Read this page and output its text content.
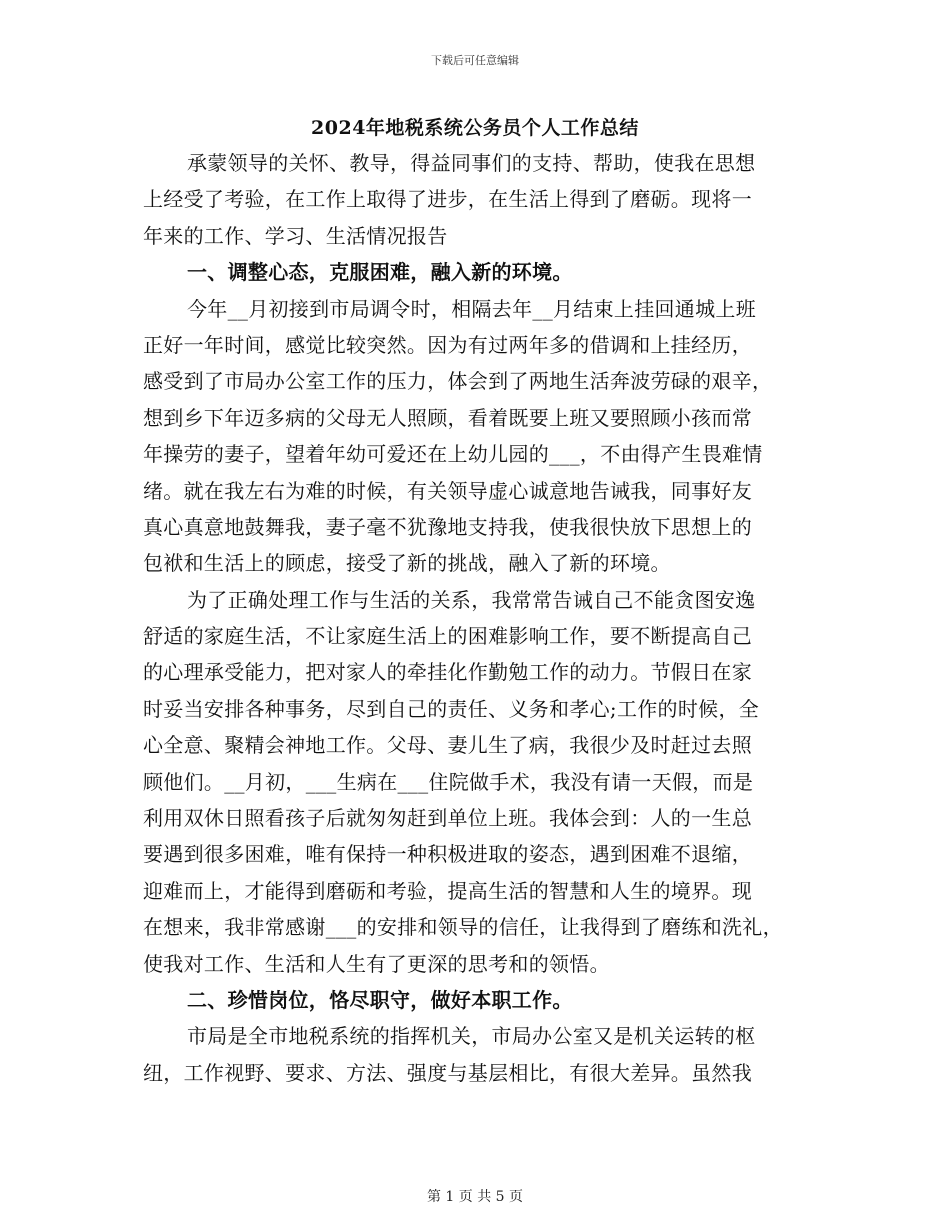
下载后可任意编辑
2024年地税系统公务员个人工作总结
承蒙领导的关怀、教导，得益同事们的支持、帮助，使我在思想
上经受了考验，在工作上取得了进步，在生活上得到了磨砺。现将一
年来的工作、学习、生活情况报告
一、调整心态，克服困难，融入新的环境。
今年__月初接到市局调令时，相隔去年__月结束上挂回通城上班
正好一年时间，感觉比较突然。因为有过两年多的借调和上挂经历，
感受到了市局办公室工作的压力，体会到了两地生活奔波劳碌的艰辛，
想到乡下年迈多病的父母无人照顾，看着既要上班又要照顾小孩而常
年操劳的妻子，望着年幼可爱还在上幼儿园的___，不由得产生畏难情
绪。就在我左右为难的时候，有关领导虚心诚意地告诫我，同事好友
真心真意地鼓舞我，妻子毫不犹豫地支持我，使我很快放下思想上的
包袱和生活上的顾虑，接受了新的挑战，融入了新的环境。
为了正确处理工作与生活的关系，我常常告诫自己不能贪图安逸
舒适的家庭生活，不让家庭生活上的困难影响工作，要不断提高自己
的心理承受能力，把对家人的牵挂化作勤勉工作的动力。节假日在家
时妥当安排各种事务，尽到自己的责任、义务和孝心;工作的时候，全
心全意、聚精会神地工作。父母、妻儿生了病，我很少及时赶过去照
顾他们。__月初，___生病在___住院做手术，我没有请一天假，而是
利用双休日照看孩子后就匆匆赶到单位上班。我体会到：人的一生总
要遇到很多困难，唯有保持一种积极进取的姿态，遇到困难不退缩，
迎难而上，才能得到磨砺和考验，提高生活的智慧和人生的境界。现
在想来，我非常感谢___的安排和领导的信任，让我得到了磨练和洗礼，
使我对工作、生活和人生有了更深的思考和的领悟。
二、珍惜岗位，恪尽职守，做好本职工作。
市局是全市地税系统的指挥机关，市局办公室又是机关运转的枢
纽，工作视野、要求、方法、强度与基层相比，有很大差异。虽然我
第 1 页 共 5 页
